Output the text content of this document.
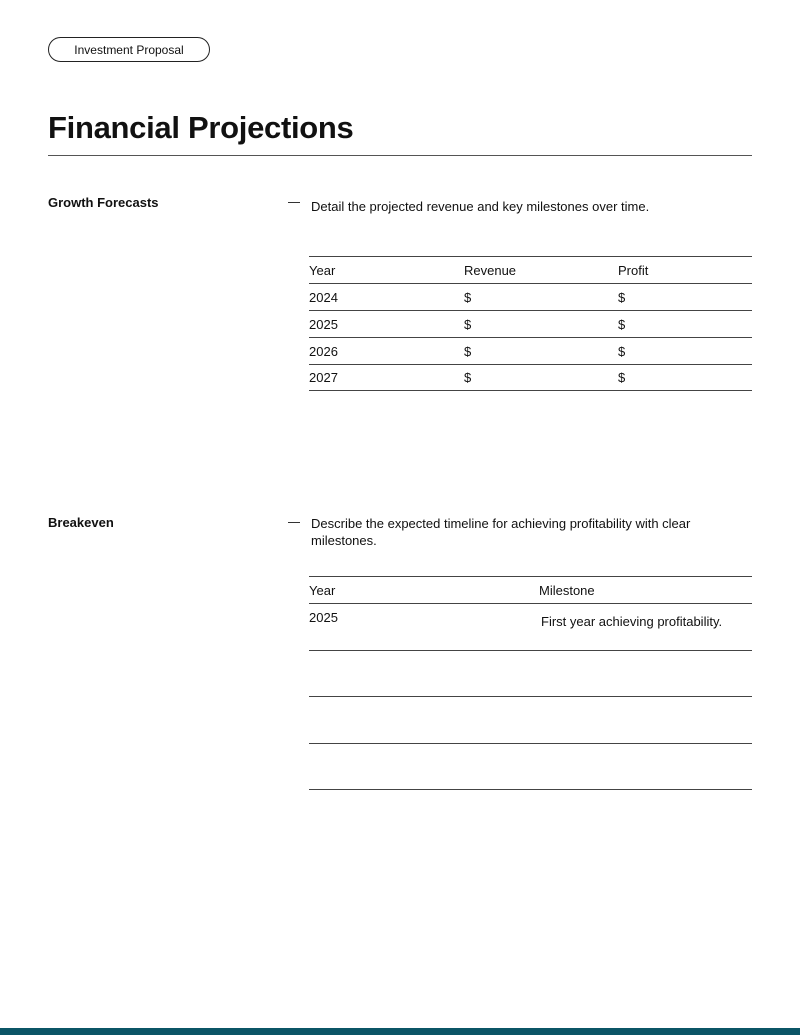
Investment Proposal
Financial Projections
Growth Forecasts	Detail the projected revenue and key milestones over time.
Year	Revenue	Profit
2024	$	$
2025	$	$
2026	$	$
2027	$	$
Breakeven	Describe the expected timeline for achieving profitability with clear milestones.
Year	Milestone
2025	First year achieving profitability.
